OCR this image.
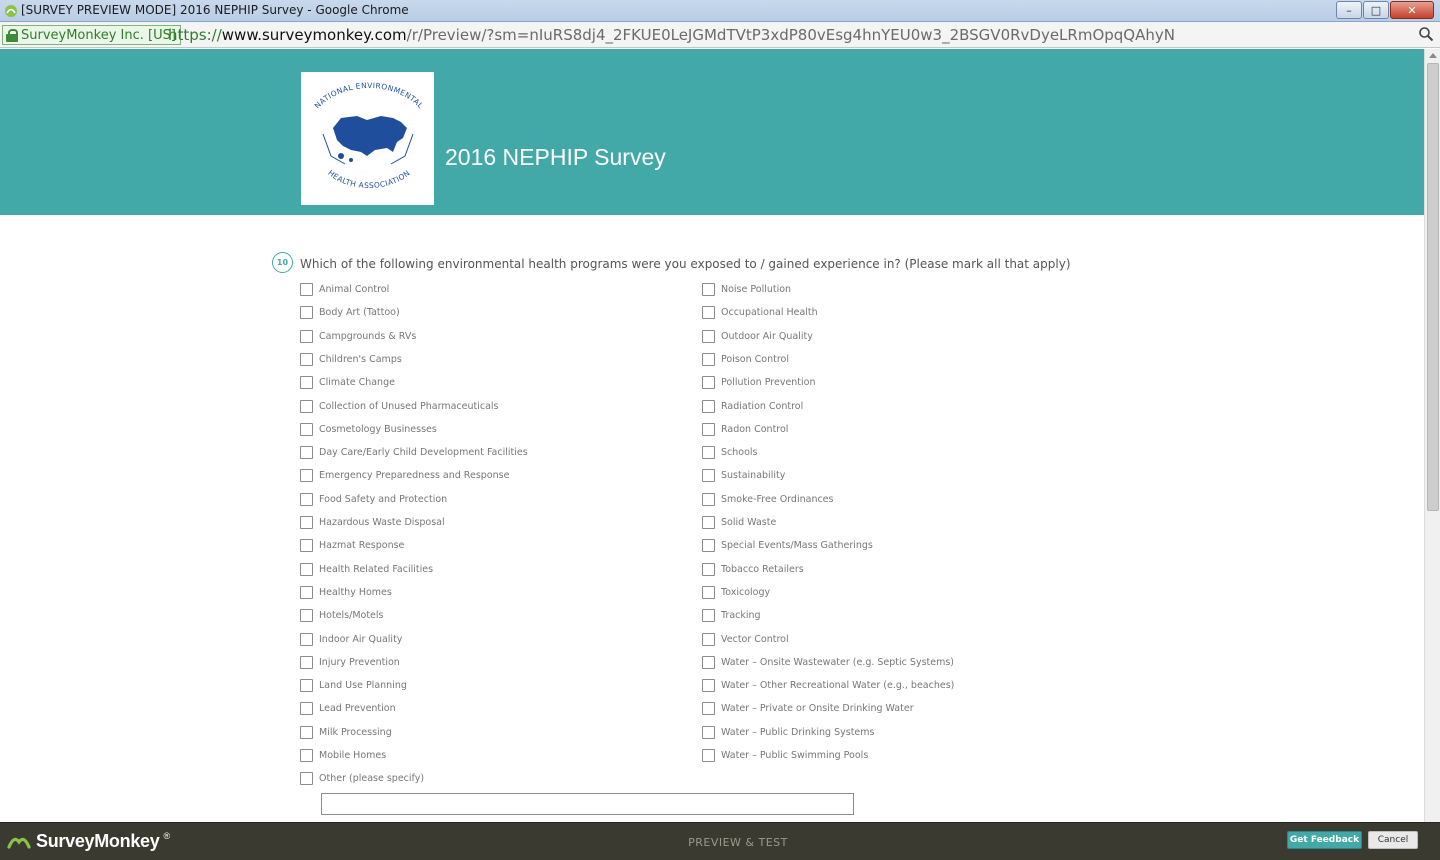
[SURVEY PREVIEW MODE] 2016 NEPHIP Survey - Google Chrome	–	□	✕
SurveyMonkey Inc. [US]
https://www.surveymonkey.com/r/Preview/?sm=nIuRS8dj4_2FKUE0LeJGMdTVtP3xdP80vEsg4hnYEU0w3_2BSGV0RvDyeLRmOpqQAhyN
NATIONAL ENVIRONMENTAL
HEALTH ASSOCIATION
2016 NEPHIP Survey
10 Which of the following environmental health programs were you exposed to / gained experience in? (Please mark all that apply)
Animal Control
Body Art (Tattoo)
Campgrounds & RVs
Children's Camps
Climate Change
Collection of Unused Pharmaceuticals
Cosmetology Businesses
Day Care/Early Child Development Facilities
Emergency Preparedness and Response
Food Safety and Protection
Hazardous Waste Disposal
Hazmat Response
Health Related Facilities
Healthy Homes
Hotels/Motels
Indoor Air Quality
Injury Prevention
Land Use Planning
Lead Prevention
Milk Processing
Mobile Homes
Other (please specify)
Noise Pollution
Occupational Health
Outdoor Air Quality
Poison Control
Pollution Prevention
Radiation Control
Radon Control
Schools
Sustainability
Smoke-Free Ordinances
Solid Waste
Special Events/Mass Gatherings
Tobacco Retailers
Toxicology
Tracking
Vector Control
Water – Onsite Wastewater (e.g. Septic Systems)
Water – Other Recreational Water (e.g., beaches)
Water – Private or Onsite Drinking Water
Water – Public Drinking Systems
Water – Public Swimming Pools
SurveyMonkey ®	PREVIEW & TEST	Get Feedback	Cancel
